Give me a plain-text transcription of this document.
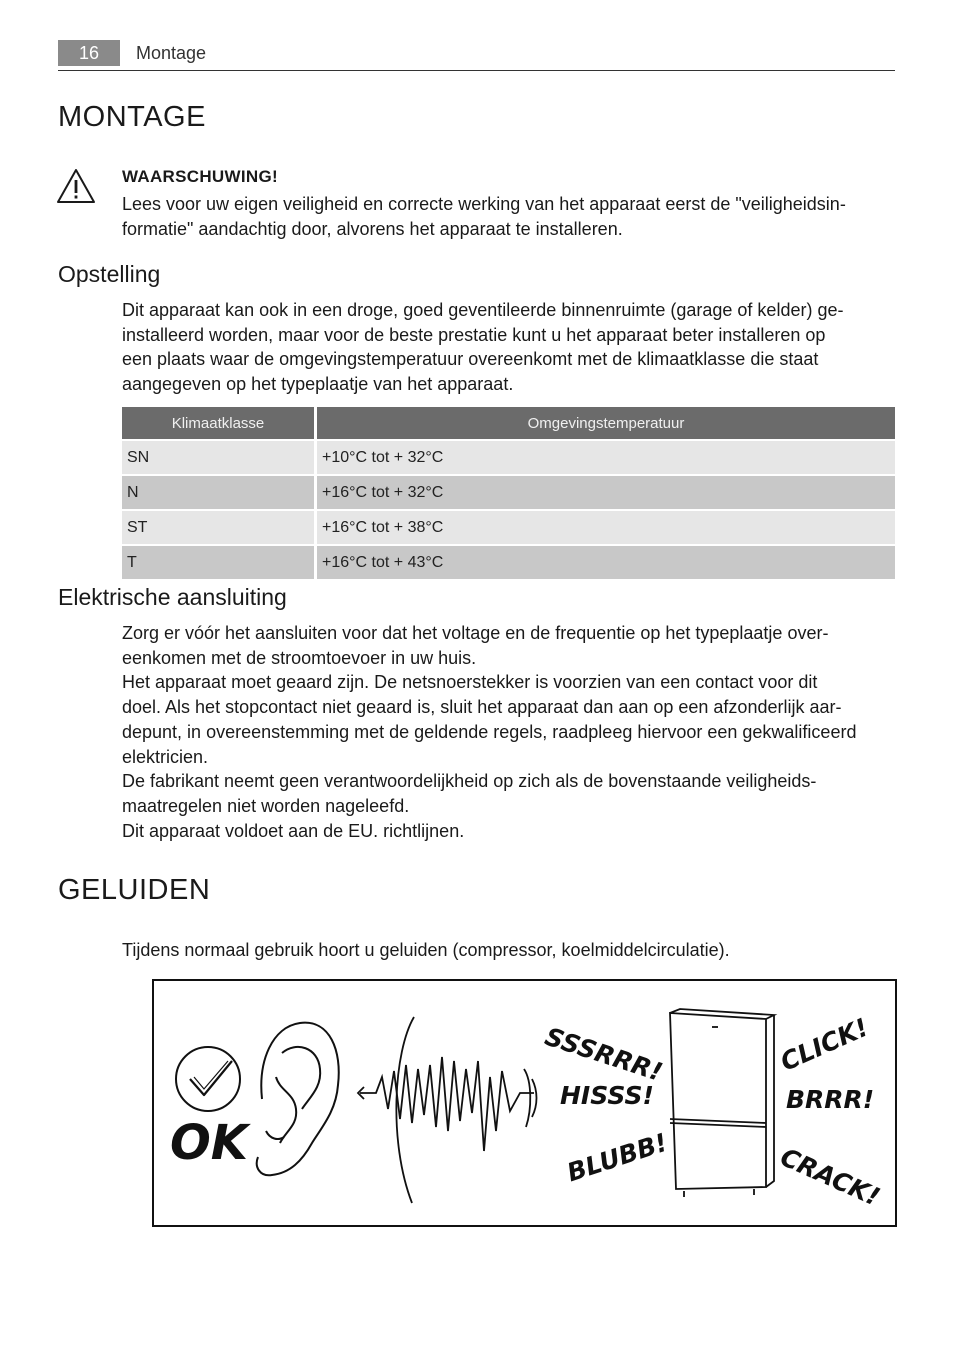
16	Montage
MONTAGE
WAARSCHUWING!
Lees voor uw eigen veiligheid en correcte werking van het apparaat eerst de "veiligheidsin-
formatie" aandachtig door, alvorens het apparaat te installeren.
Opstelling
Dit apparaat kan ook in een droge, goed geventileerde binnenruimte (garage of kelder) ge-
installeerd worden, maar voor de beste prestatie kunt u het apparaat beter installeren op
een plaats waar de omgevingstemperatuur overeenkomt met de klimaatklasse die staat
aangegeven op het typeplaatje van het apparaat.
Klimaatklasse	Omgevingstemperatuur
SN	+10°C tot + 32°C
N	+16°C tot + 32°C
ST	+16°C tot + 38°C
T	+16°C tot + 43°C
Elektrische aansluiting
Zorg er vóór het aansluiten voor dat het voltage en de frequentie op het typeplaatje over-
eenkomen met de stroomtoevoer in uw huis.
Het apparaat moet geaard zijn. De netsnoerstekker is voorzien van een contact voor dit
doel. Als het stopcontact niet geaard is, sluit het apparaat dan aan op een afzonderlijk aar-
depunt, in overeenstemming met de geldende regels, raadpleeg hiervoor een gekwalificeerd
elektricien.
De fabrikant neemt geen verantwoordelijkheid op zich als de bovenstaande veiligheids-
maatregelen niet worden nageleefd.
Dit apparaat voldoet aan de EU. richtlijnen.
GELUIDEN
Tijdens normaal gebruik hoort u geluiden (compressor, koelmiddelcirculatie).
OK
SSSRRR!
HISSS!
BLUBB!
CLICK!
BRRR!
CRACK!
